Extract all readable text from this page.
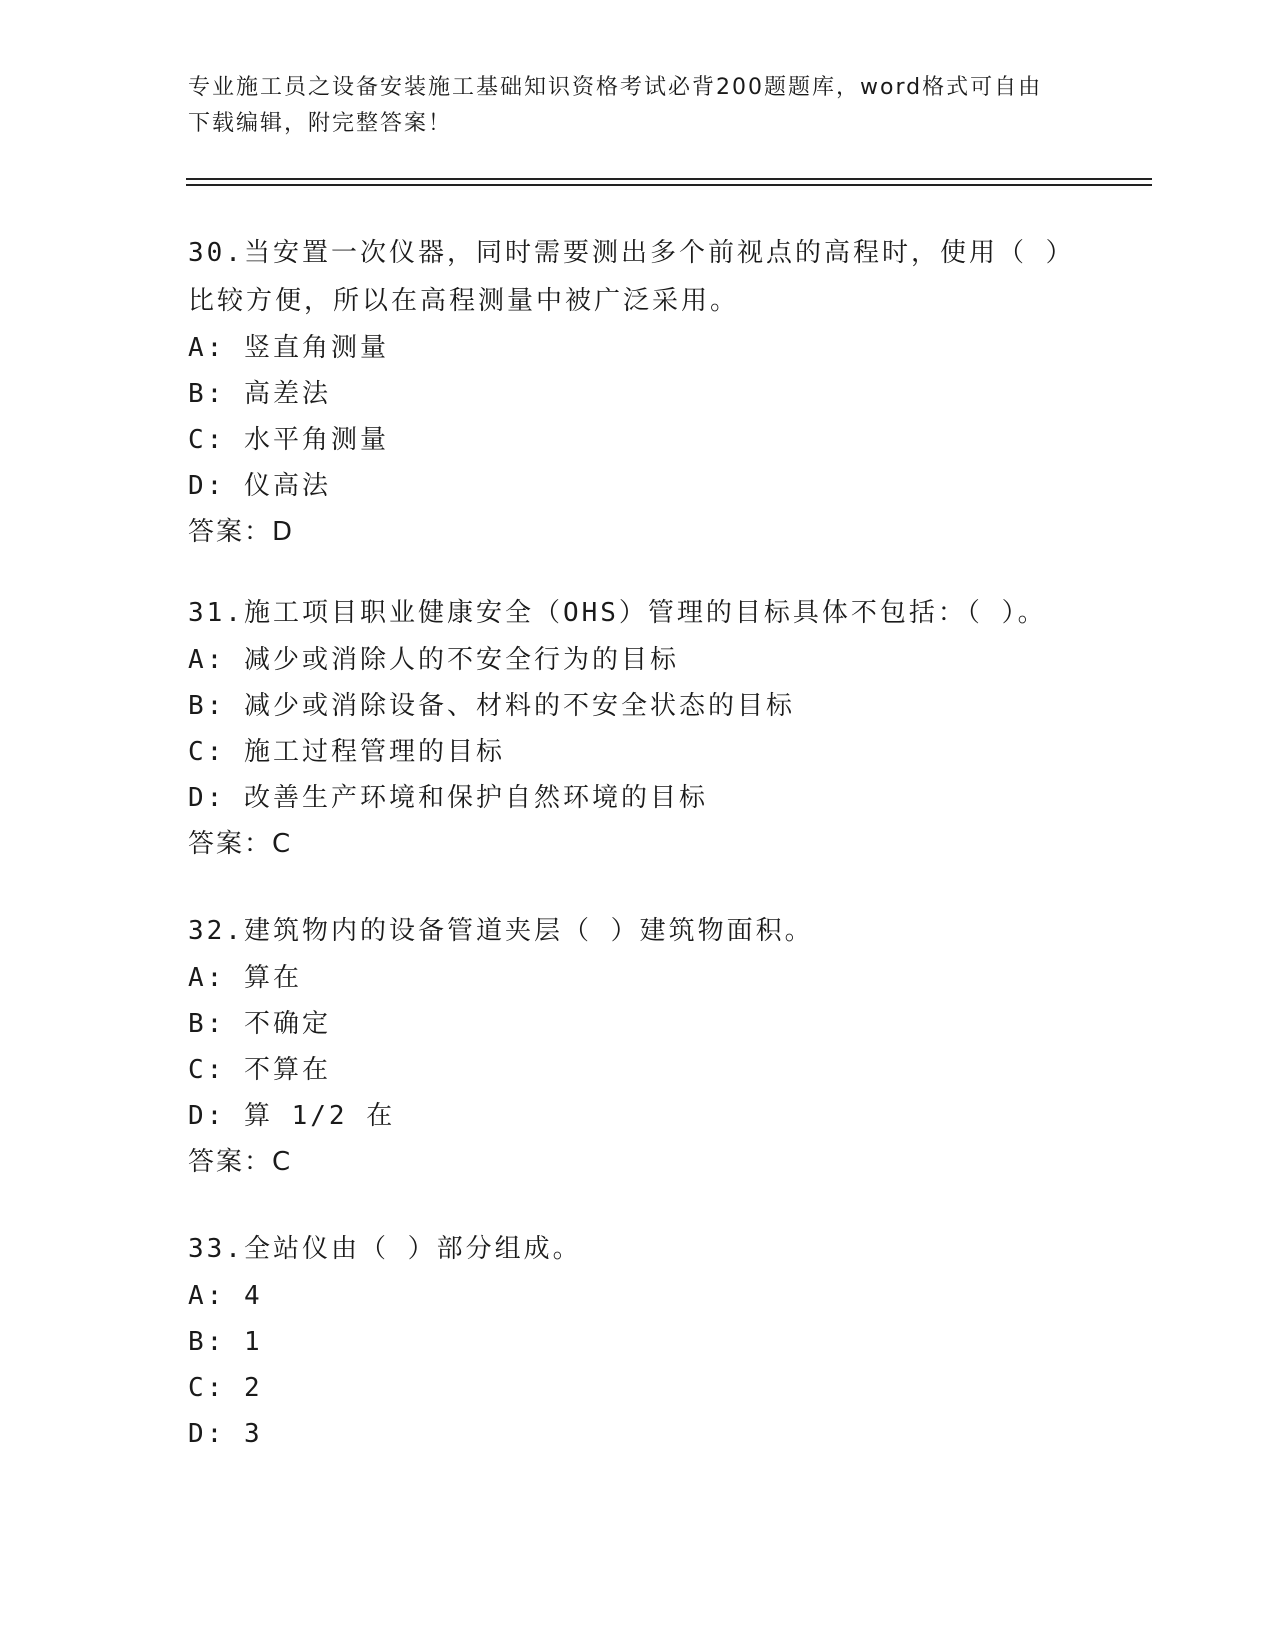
专业施工员之设备安装施工基础知识资格考试必背200题题库，word格式可自由
下载编辑，附完整答案！
30.当安置一次仪器，同时需要测出多个前视点的高程时，使用（ ）比较方便，所以在高程测量中被广泛采用。
A: 竖直角测量
B: 高差法
C: 水平角测量
D: 仪高法
答案：D
31.施工项目职业健康安全（OHS）管理的目标具体不包括：（ ）。
A: 减少或消除人的不安全行为的目标
B: 减少或消除设备、材料的不安全状态的目标
C: 施工过程管理的目标
D: 改善生产环境和保护自然环境的目标
答案：C
32.建筑物内的设备管道夹层（ ）建筑物面积。
A: 算在
B: 不确定
C: 不算在
D: 算 1/2 在
答案：C
33.全站仪由（ ）部分组成。
A: 4
B: 1
C: 2
D: 3
